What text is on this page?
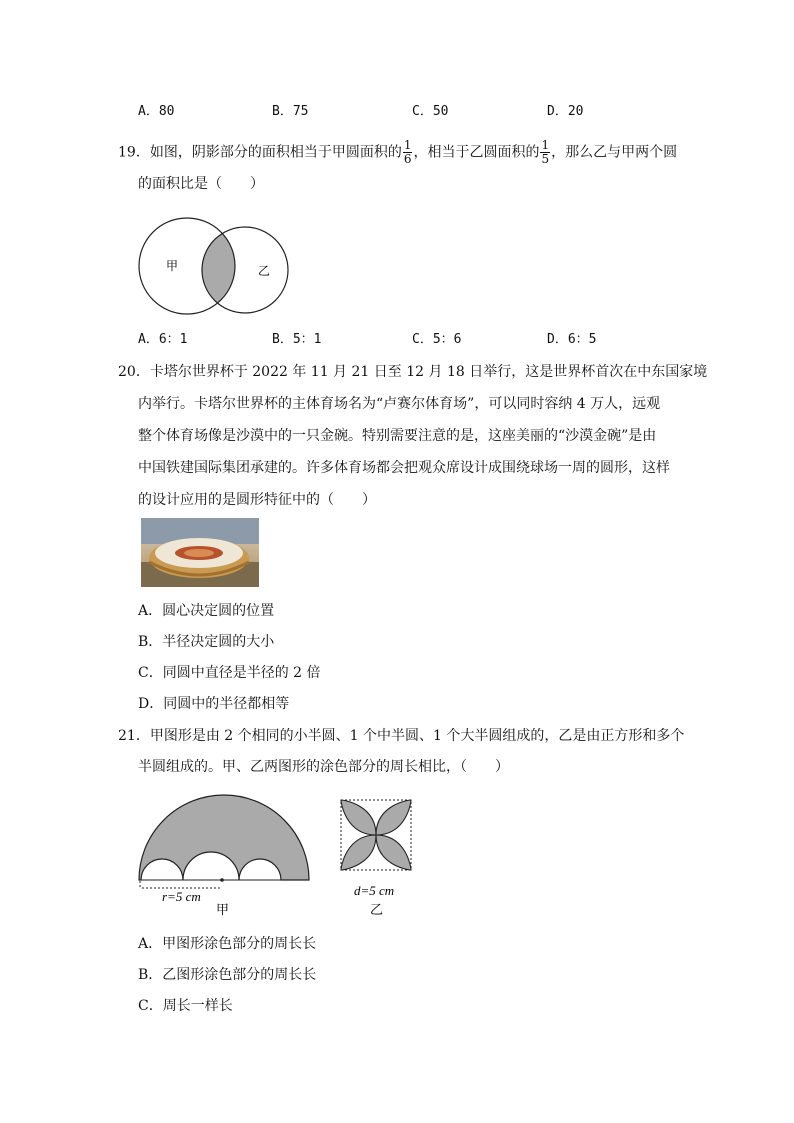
A．80	B．75	C．50	D．20
19．如图，阴影部分的面积相当于甲圆面积的 $\frac{1}{6}$ ，相当于乙圆面积的 $\frac{1}{5}$ ，那么乙与甲两个圆
的面积比是（　　）
甲	乙
A．6：1	B．5：1	C．5：6	D．6：5
20．卡塔尔世界杯于 2022 年 11 月 21 日至 12 月 18 日举行，这是世界杯首次在中东国家境
内举行。卡塔尔世界杯的主体育场名为“卢赛尔体育场”，可以同时容纳 4 万人，远观
整个体育场像是沙漠中的一只金碗。特别需要注意的是，这座美丽的“沙漠金碗”是由
中国铁建国际集团承建的。许多体育场都会把观众席设计成围绕球场一周的圆形，这样
的设计应用的是圆形特征中的（　　）
A．圆心决定圆的位置
B．半径决定圆的大小
C．同圆中直径是半径的 2 倍
D．同圆中的半径都相等
21．甲图形是由 2 个相同的小半圆、1 个中半圆、1 个大半圆组成的，乙是由正方形和多个
半圆组成的。甲、乙两图形的涂色部分的周长相比，（　　）
r=5 cm
甲
d=5 cm
乙
A．甲图形涂色部分的周长长
B．乙图形涂色部分的周长长
C．周长一样长
